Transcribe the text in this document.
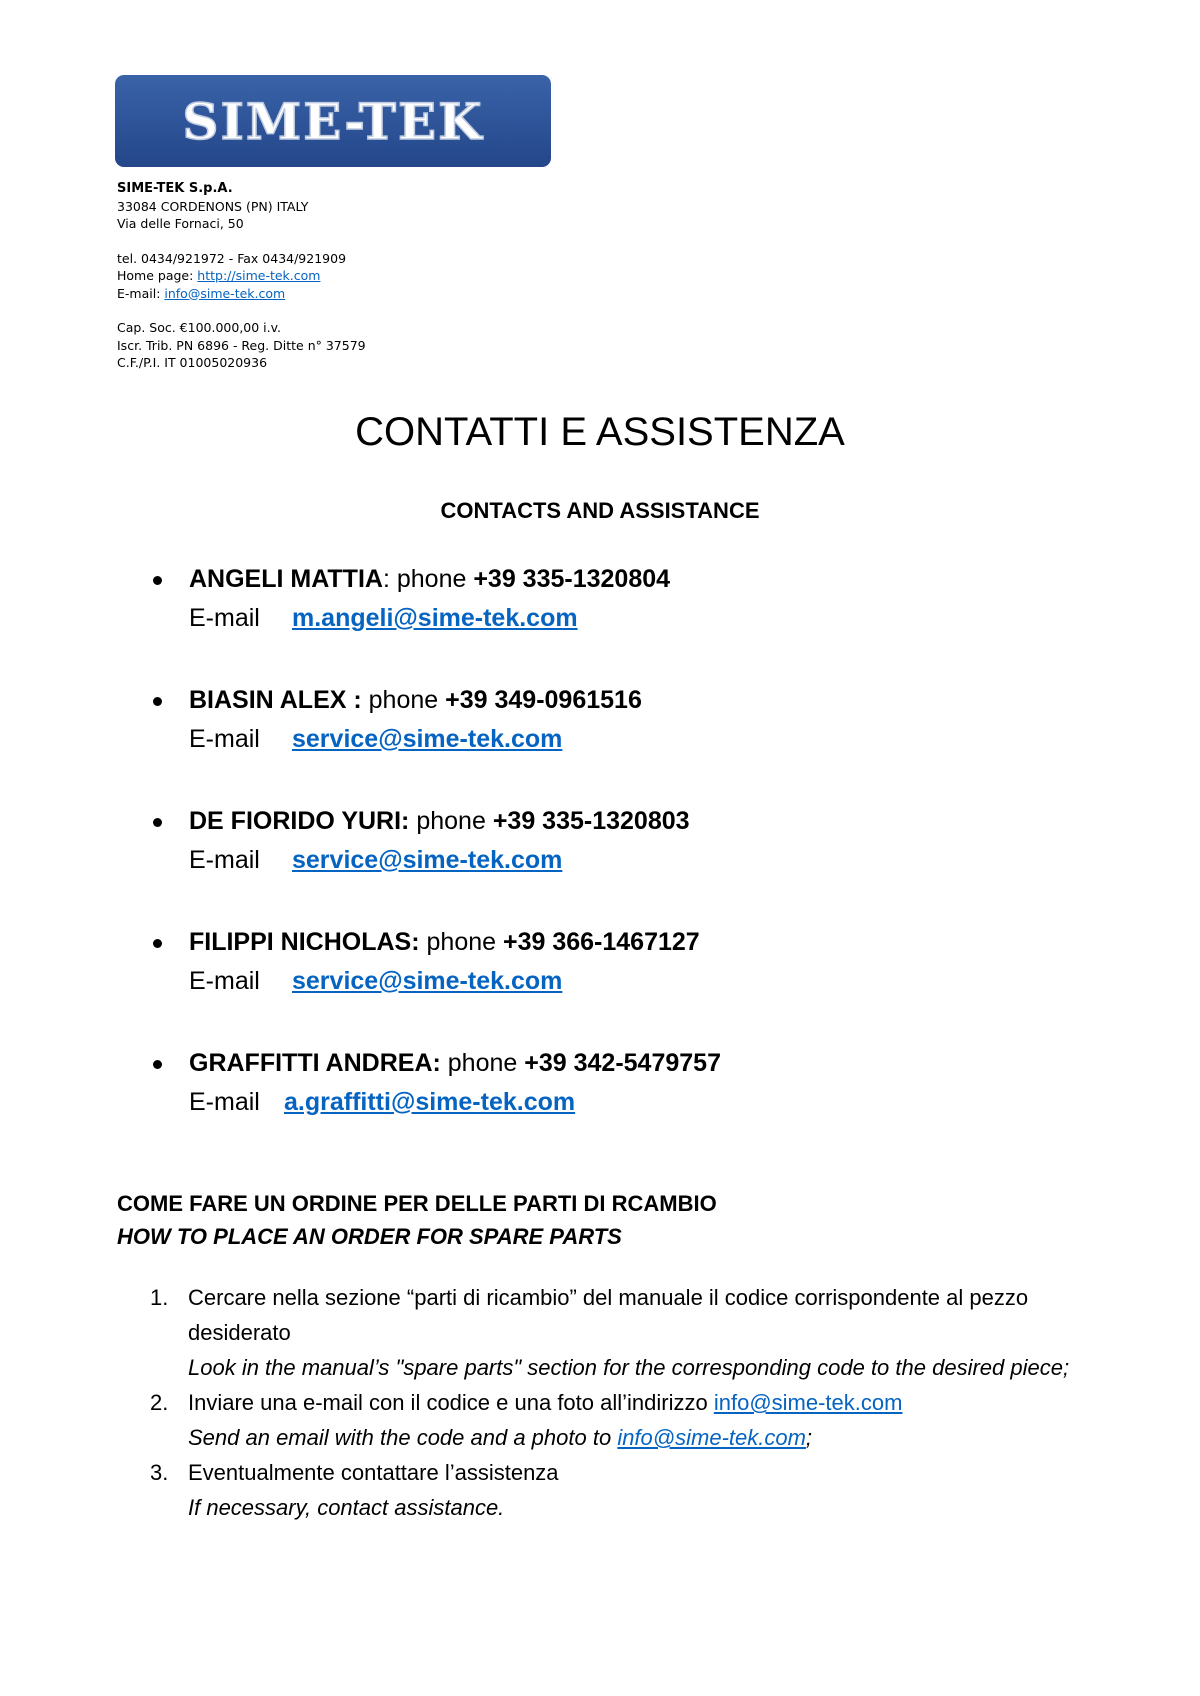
SIME-TEK
SIME-TEK S.p.A.
33084 CORDENONS (PN) ITALY
Via delle Fornaci, 50
tel. 0434/921972 - Fax 0434/921909
Home page: http://sime-tek.com
E-mail: info@sime-tek.com
Cap. Soc. €100.000,00 i.v.
Iscr. Trib. PN 6896 - Reg. Ditte n° 37579
C.F./P.I. IT 01005020936
CONTATTI E ASSISTENZA
CONTACTS AND ASSISTANCE
ANGELI MATTIA: phone +39 335-1320804
E-mail m.angeli@sime-tek.com
BIASIN ALEX : phone +39 349-0961516
E-mail service@sime-tek.com
DE FIORIDO YURI: phone +39 335-1320803
E-mail service@sime-tek.com
FILIPPI NICHOLAS: phone +39 366-1467127
E-mail service@sime-tek.com
GRAFFITTI ANDREA: phone +39 342-5479757
E-mail a.graffitti@sime-tek.com
COME FARE UN ORDINE PER DELLE PARTI DI RCAMBIO
HOW TO PLACE AN ORDER FOR SPARE PARTS
1. Cercare nella sezione “parti di ricambio” del manuale il codice corrispondente al pezzo desiderato
Look in the manual’s "spare parts" section for the corresponding code to the desired piece;
2. Inviare una e-mail con il codice e una foto all’indirizzo info@sime-tek.com
Send an email with the code and a photo to info@sime-tek.com;
3. Eventualmente contattare l’assistenza
If necessary, contact assistance.
